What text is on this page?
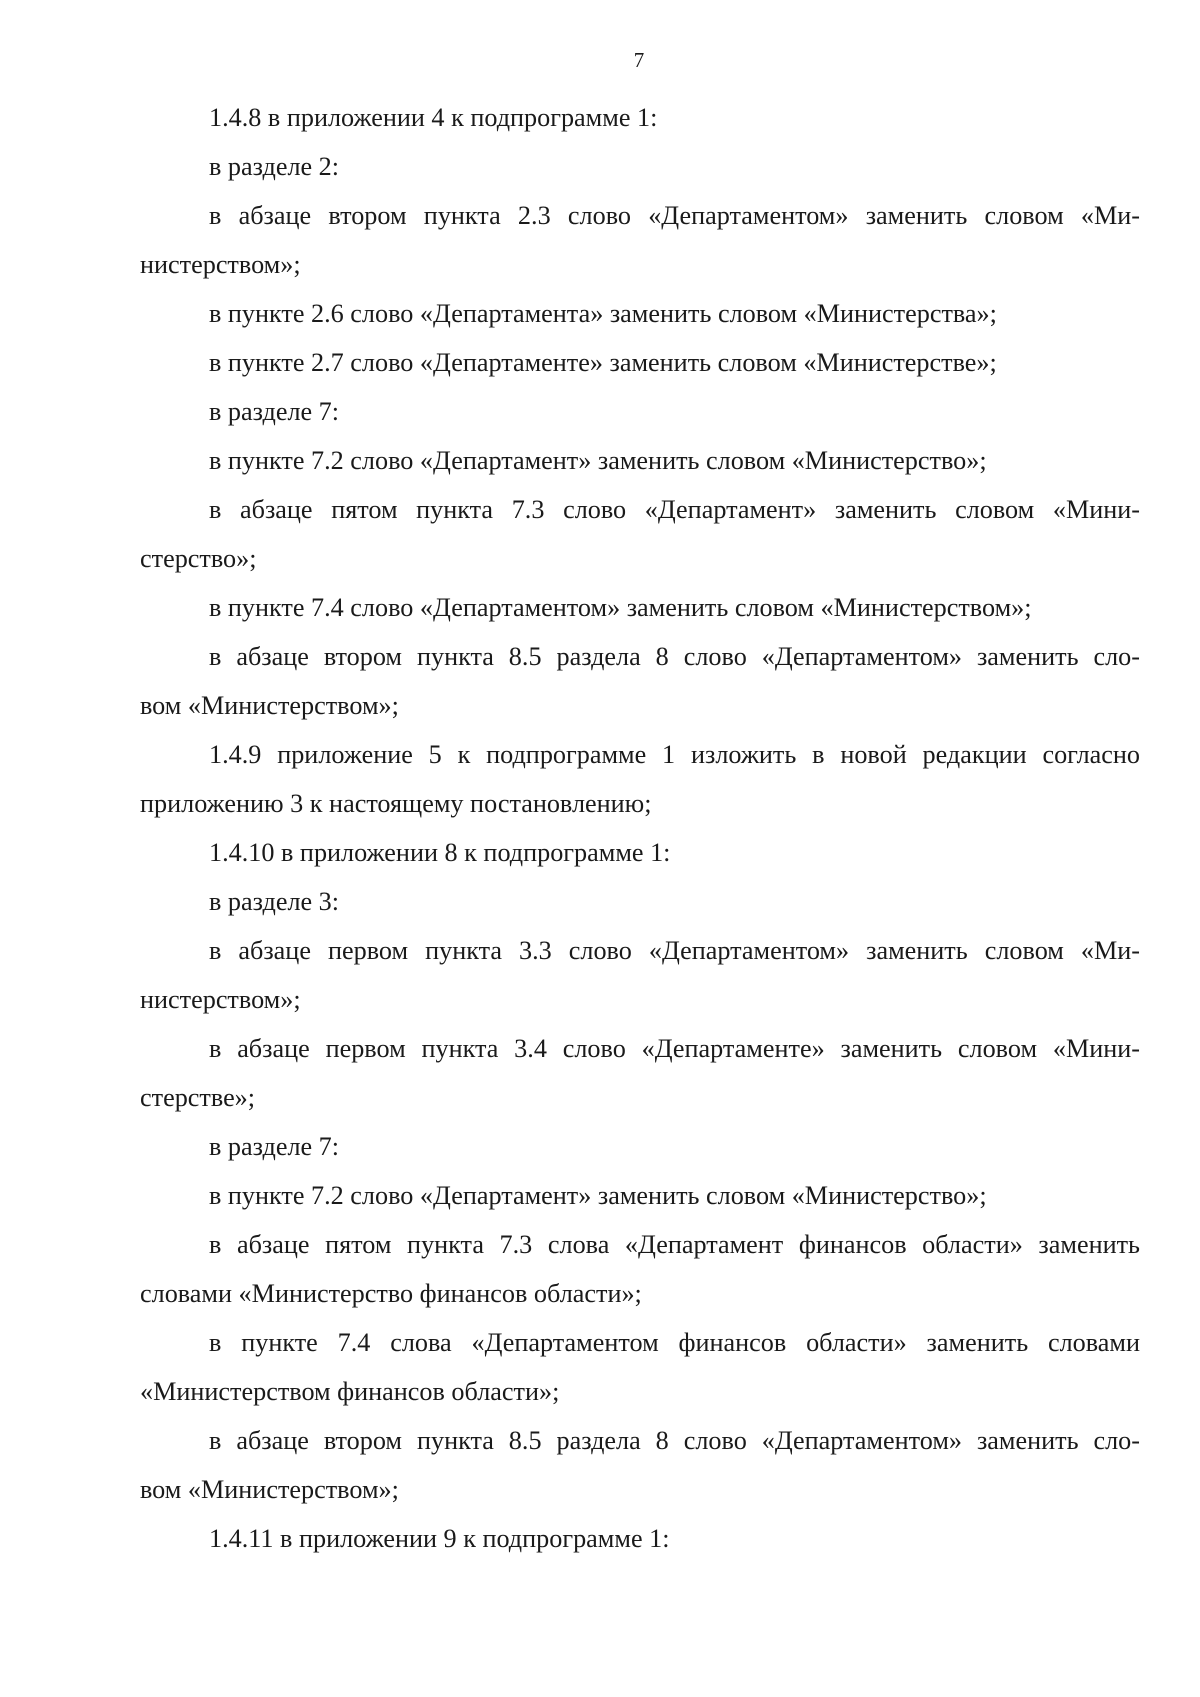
7
1.4.8 в приложении 4 к подпрограмме 1:
в разделе 2:
в абзаце втором пункта 2.3 слово «Департаментом» заменить словом «Ми-
нистерством»;
в пункте 2.6 слово «Департамента» заменить словом «Министерства»;
в пункте 2.7 слово «Департаменте» заменить словом «Министерстве»;
в разделе 7:
в пункте 7.2 слово «Департамент» заменить словом «Министерство»;
в абзаце пятом пункта 7.3 слово «Департамент» заменить словом «Мини-
стерство»;
в пункте 7.4 слово «Департаментом» заменить словом «Министерством»;
в абзаце втором пункта 8.5 раздела 8 слово «Департаментом» заменить сло-
вом «Министерством»;
1.4.9 приложение 5 к подпрограмме 1 изложить в новой редакции согласно
приложению 3 к настоящему постановлению;
1.4.10 в приложении 8 к подпрограмме 1:
в разделе 3:
в абзаце первом пункта 3.3 слово «Департаментом» заменить словом «Ми-
нистерством»;
в абзаце первом пункта 3.4 слово «Департаменте» заменить словом «Мини-
стерстве»;
в разделе 7:
в пункте 7.2 слово «Департамент» заменить словом «Министерство»;
в абзаце пятом пункта 7.3 слова «Департамент финансов области» заменить
словами «Министерство финансов области»;
в пункте 7.4 слова «Департаментом финансов области» заменить словами
«Министерством финансов области»;
в абзаце втором пункта 8.5 раздела 8 слово «Департаментом» заменить сло-
вом «Министерством»;
1.4.11 в приложении 9 к подпрограмме 1:
